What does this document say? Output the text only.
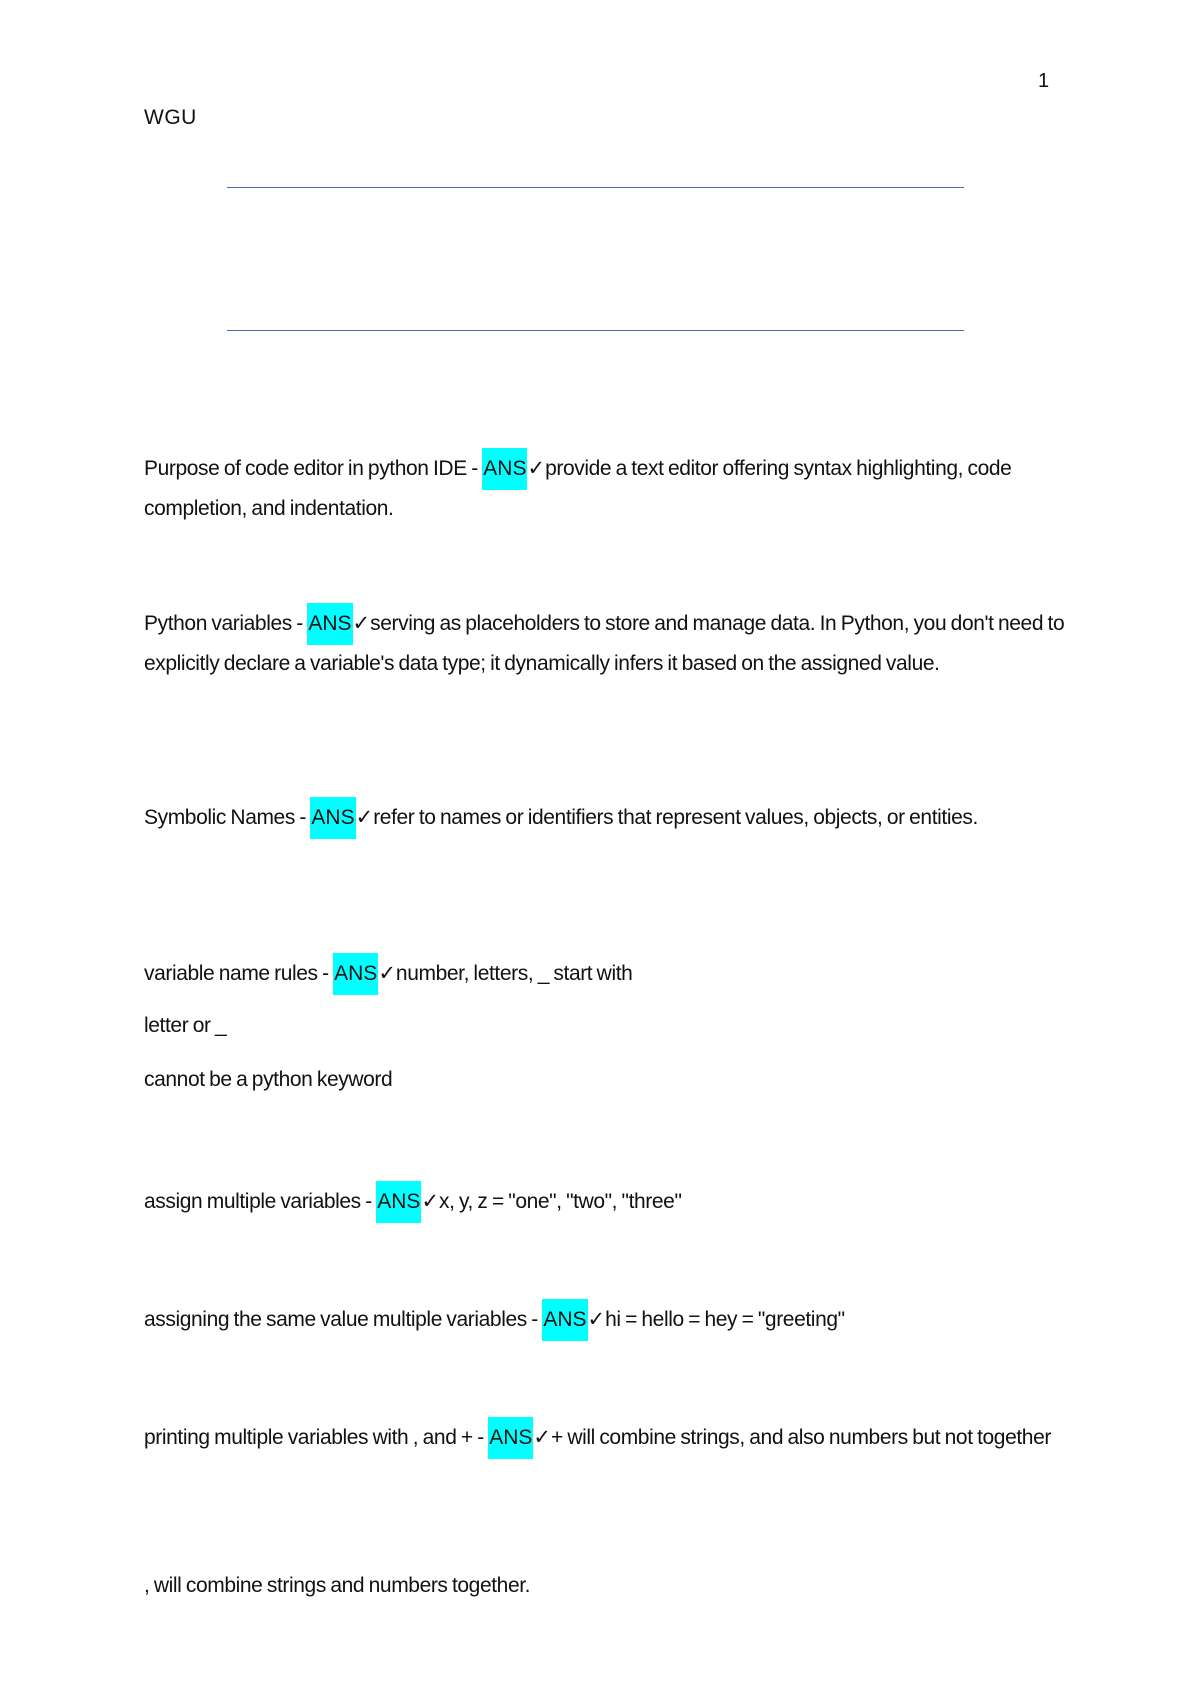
1
WGU

Purpose of code editor in python IDE - ANS✓provide a text editor offering syntax highlighting, code completion, and indentation.

Python variables - ANS✓serving as placeholders to store and manage data. In Python, you don't need to explicitly declare a variable's data type; it dynamically infers it based on the assigned value.

Symbolic Names - ANS✓refer to names or identifiers that represent values, objects, or entities.

variable name rules - ANS✓number, letters, _ start with

letter or _

cannot be a python keyword

assign multiple variables - ANS✓x, y, z = "one", "two", "three"

assigning the same value multiple variables - ANS✓hi = hello = hey = "greeting"

printing multiple variables with , and + - ANS✓+ will combine strings, and also numbers but not together

, will combine strings and numbers together.
